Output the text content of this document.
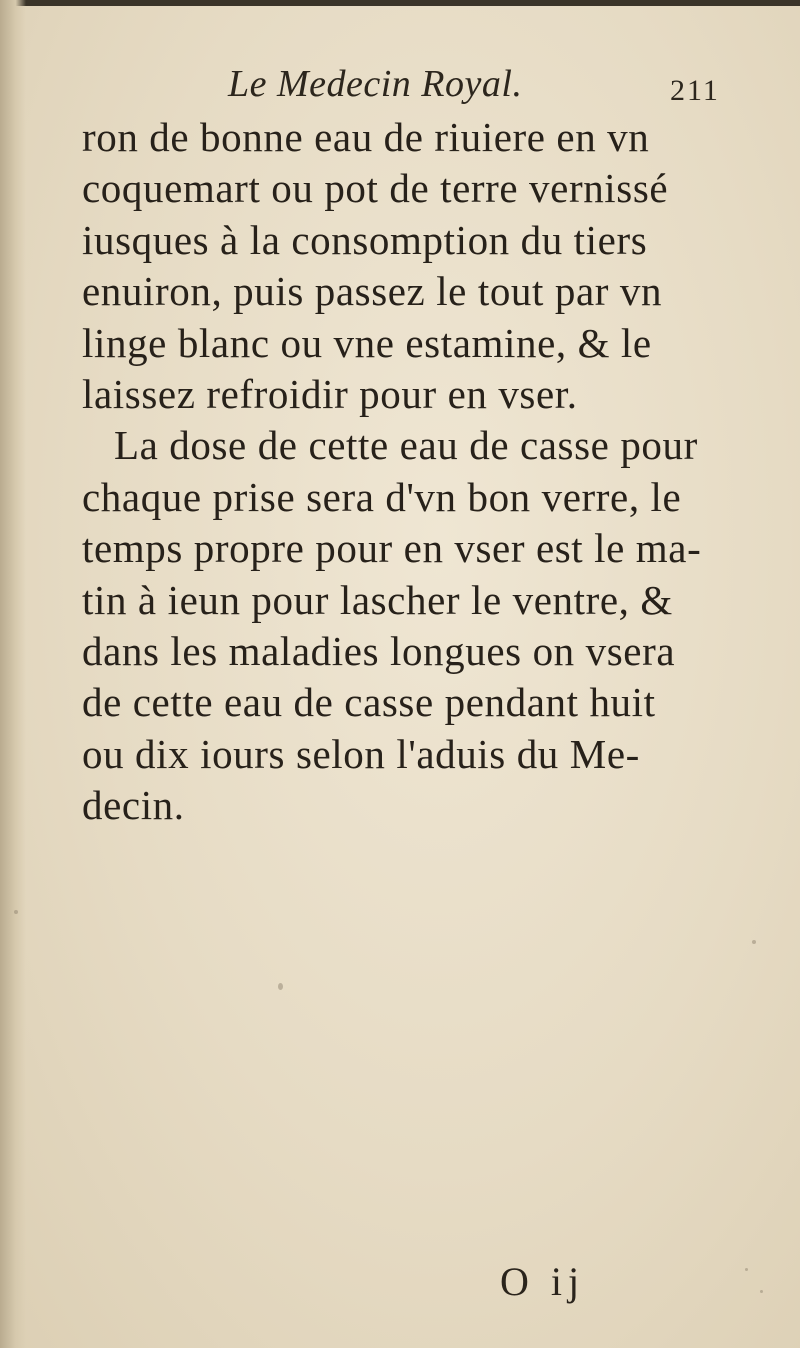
Le Medecin Royal.	211
ron de bonne eau de riuiere en vn
coquemart ou pot de terre vernissé
iusques à la consomption du tiers
enuiron, puis passez le tout par vn
linge blanc ou vne estamine, & le
laissez refroidir pour en vser.
La dose de cette eau de casse pour
chaque prise sera d'vn bon verre, le
temps propre pour en vser est le ma-
tin à ieun pour lascher le ventre, &
dans les maladies longues on vsera
de cette eau de casse pendant huit
ou dix iours selon l'aduis du Me-
decin.
O ij
